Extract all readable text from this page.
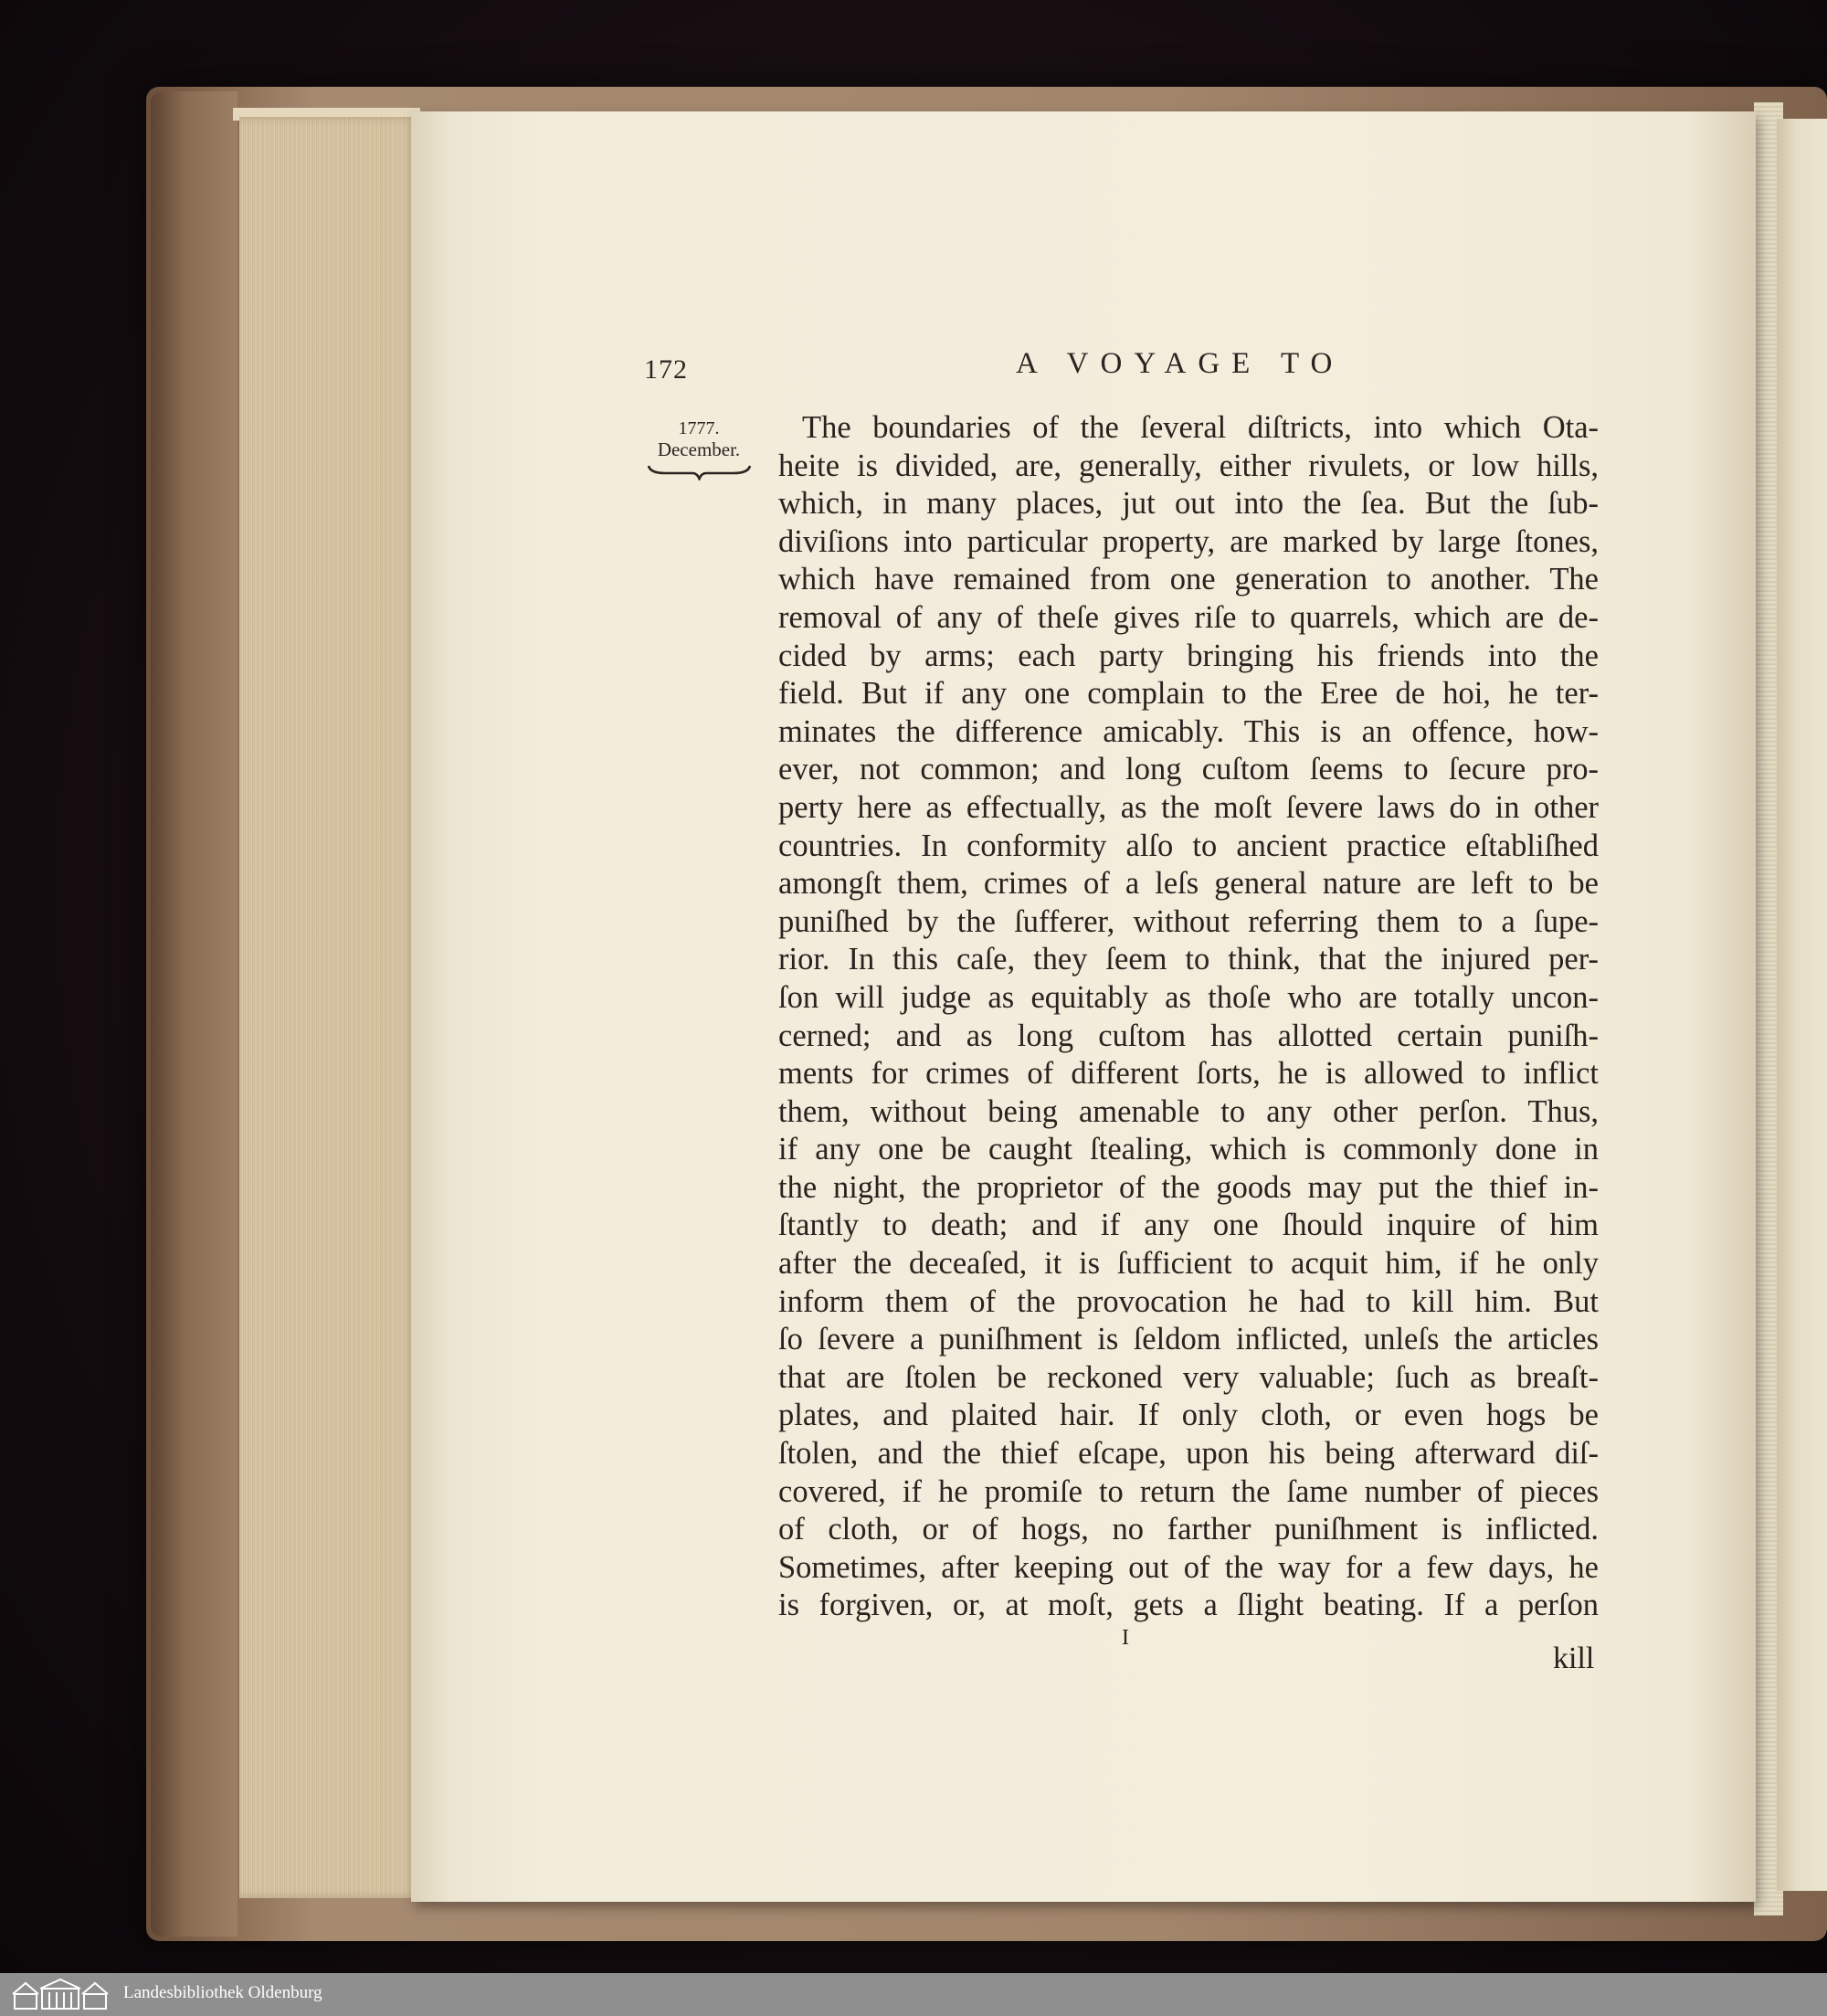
172	A VOYAGE TO
1777.
December.
The boundaries of the ſeveral diſtricts, into which Ota-
heite is divided, are, generally, either rivulets, or low hills,
which, in many places, jut out into the ſea. But the ſub-
diviſions into particular property, are marked by large ſtones,
which have remained from one generation to another. The
removal of any of theſe gives riſe to quarrels, which are de-
cided by arms; each party bringing his friends into the
field. But if any one complain to the Eree de hoi, he ter-
minates the difference amicably. This is an offence, how-
ever, not common; and long cuſtom ſeems to ſecure pro-
perty here as effectually, as the moſt ſevere laws do in other
countries. In conformity alſo to ancient practice eſtabliſhed
amongſt them, crimes of a leſs general nature are left to be
puniſhed by the ſufferer, without referring them to a ſupe-
rior. In this caſe, they ſeem to think, that the injured per-
ſon will judge as equitably as thoſe who are totally uncon-
cerned; and as long cuſtom has allotted certain puniſh-
ments for crimes of different ſorts, he is allowed to inflict
them, without being amenable to any other perſon. Thus,
if any one be caught ſtealing, which is commonly done in
the night, the proprietor of the goods may put the thief in-
ſtantly to death; and if any one ſhould inquire of him
after the deceaſed, it is ſufficient to acquit him, if he only
inform them of the provocation he had to kill him. But
ſo ſevere a puniſhment is ſeldom inflicted, unleſs the articles
that are ſtolen be reckoned very valuable; ſuch as breaſt-
plates, and plaited hair. If only cloth, or even hogs be
ſtolen, and the thief eſcape, upon his being afterward diſ-
covered, if he promiſe to return the ſame number of pieces
of cloth, or of hogs, no farther puniſhment is inflicted.
Sometimes, after keeping out of the way for a few days, he
is forgiven, or, at moſt, gets a ſlight beating. If a perſon
I
kill
Landesbibliothek Oldenburg
